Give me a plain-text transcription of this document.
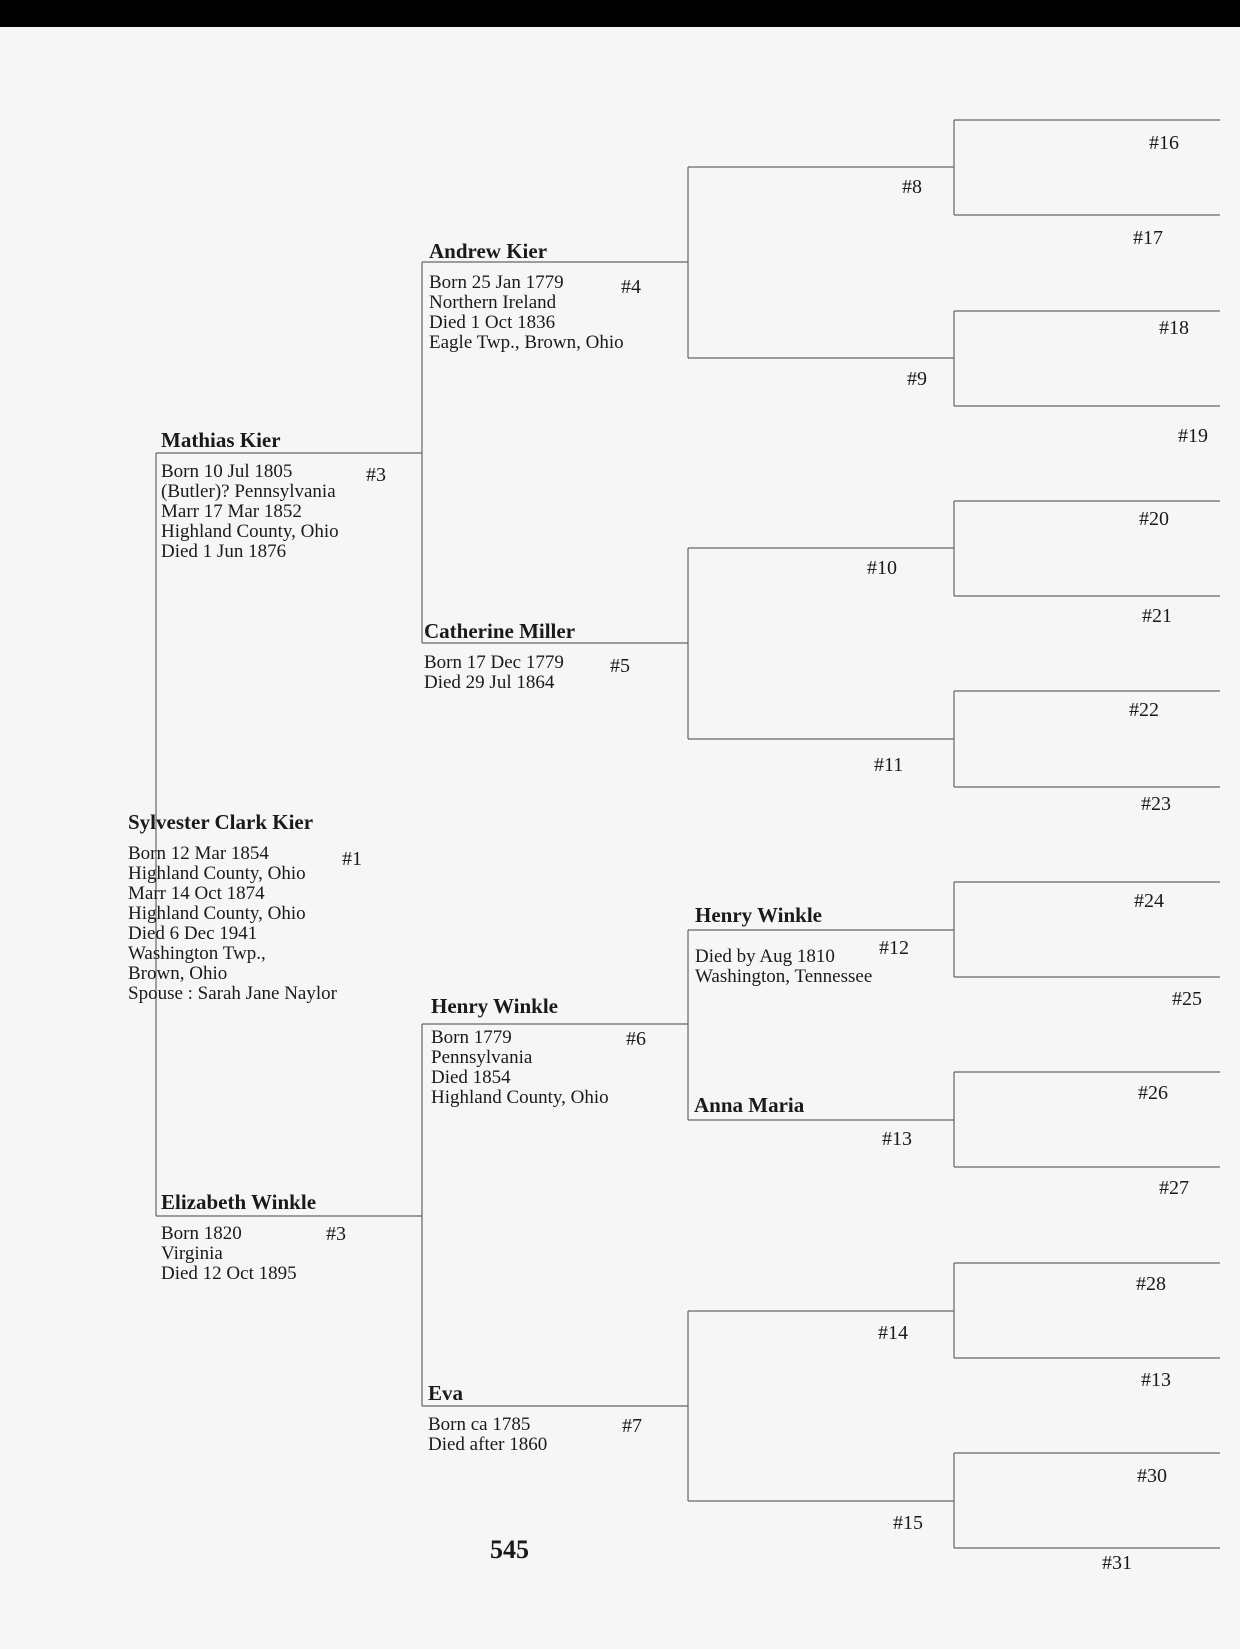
Sylvester Clark Kier
Born 12 Mar 1854
Highland County, Ohio
Marr 14 Oct 1874
Highland County, Ohio
Died 6 Dec 1941
Washington Twp.,
Brown, Ohio
Spouse : Sarah Jane Naylor
#1
Mathias Kier
Born 10 Jul 1805
(Butler)? Pennsylvania
Marr 17 Mar 1852
Highland County, Ohio
Died 1 Jun 1876
#3
Elizabeth Winkle
Born 1820
Virginia
Died 12 Oct 1895
#3
Andrew Kier
Born 25 Jan 1779
Northern Ireland
Died 1 Oct 1836
Eagle Twp., Brown, Ohio
#4
Catherine Miller
Born 17 Dec 1779
Died 29 Jul 1864
#5
Henry Winkle
Born 1779
Pennsylvania
Died 1854
Highland County, Ohio
#6
Eva
Born ca 1785
Died after 1860
#7
Henry Winkle
Died by Aug 1810
Washington, Tennessee
#12
Anna Maria
#13
#8
#9
#10
#11
#14
#15
#16
#17
#18
#19
#20
#21
#22
#23
#24
#25
#26
#27
#28
#13
#30
#31
545
